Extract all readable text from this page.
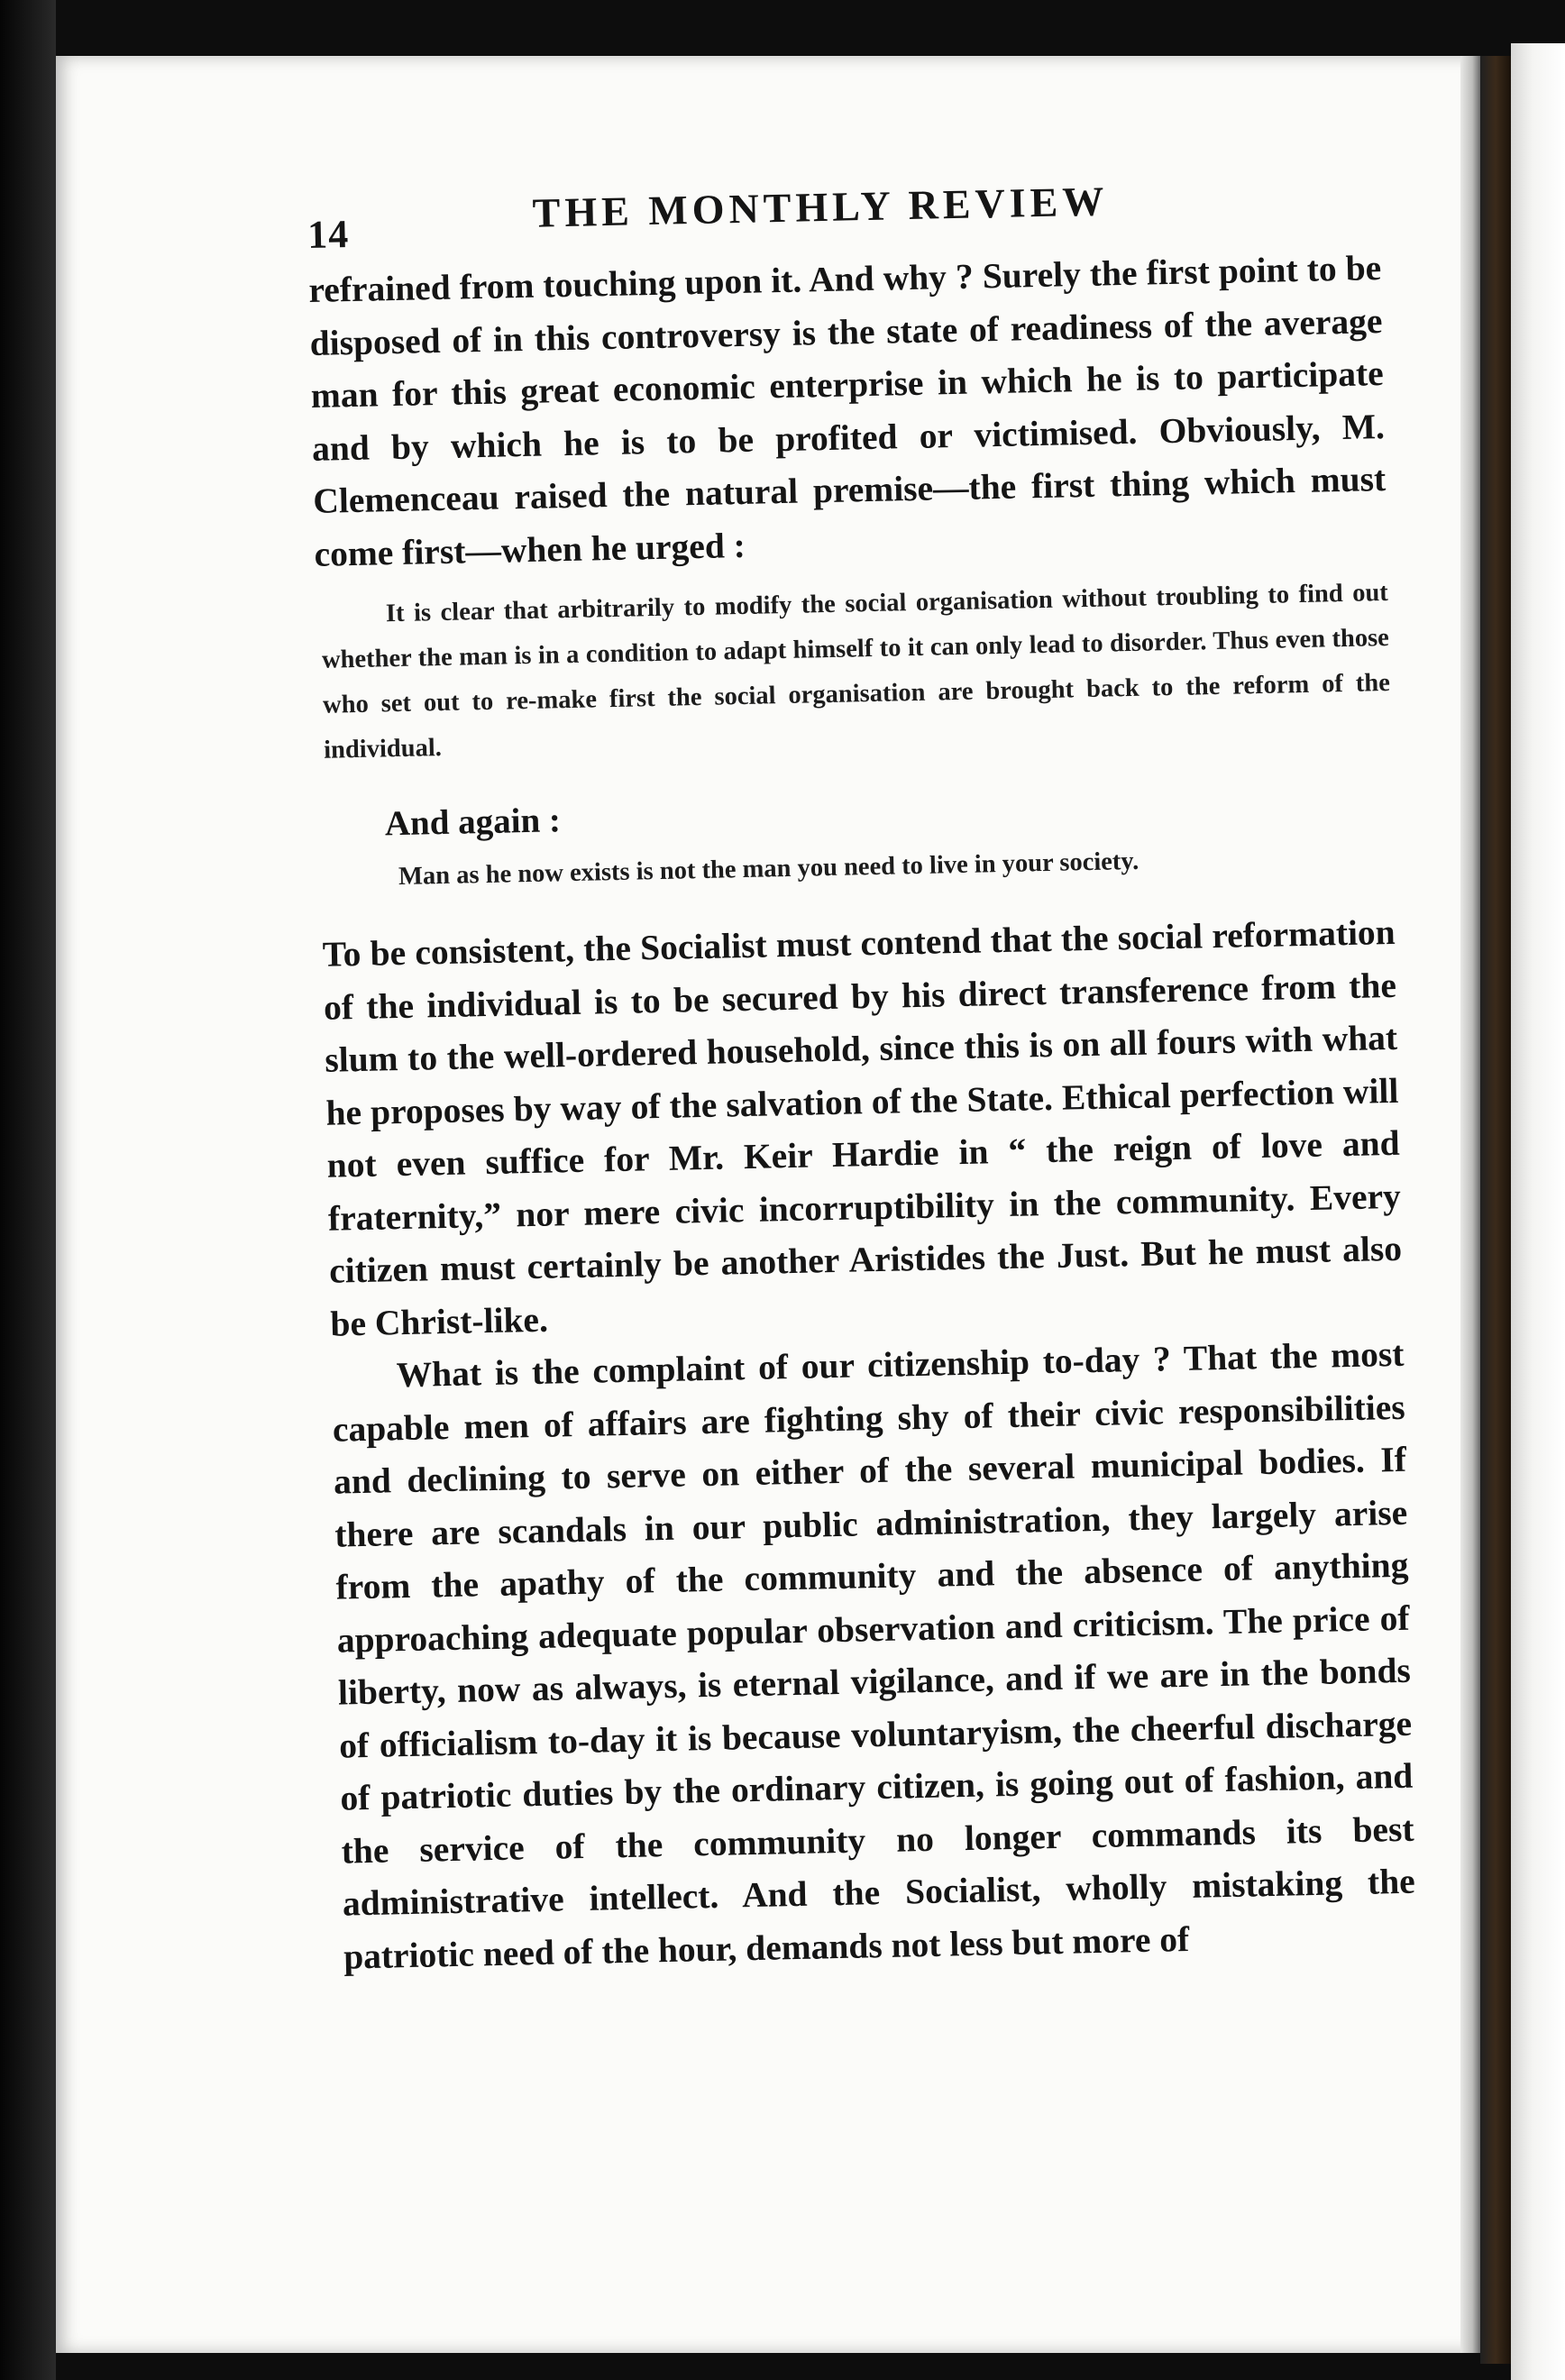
14	THE MONTHLY REVIEW

refrained from touching upon it. And why ? Surely the first point to be disposed of in this controversy is the state of readiness of the average man for this great economic enterprise in which he is to participate and by which he is to be profited or victimised. Obviously, M. Clemenceau raised the natural premise—the first thing which must come first—when he urged :

It is clear that arbitrarily to modify the social organisation without troubling to find out whether the man is in a condition to adapt himself to it can only lead to disorder. Thus even those who set out to re-make first the social organisation are brought back to the reform of the individual.

And again :

Man as he now exists is not the man you need to live in your society.

To be consistent, the Socialist must contend that the social reformation of the individual is to be secured by his direct transference from the slum to the well-ordered household, since this is on all fours with what he proposes by way of the salvation of the State. Ethical perfection will not even suffice for Mr. Keir Hardie in “ the reign of love and fraternity,” nor mere civic incorruptibility in the community. Every citizen must certainly be another Aristides the Just. But he must also be Christ-like.

What is the complaint of our citizenship to-day ? That the most capable men of affairs are fighting shy of their civic responsibilities and declining to serve on either of the several municipal bodies. If there are scandals in our public administration, they largely arise from the apathy of the community and the absence of anything approaching adequate popular observation and criticism. The price of liberty, now as always, is eternal vigilance, and if we are in the bonds of officialism to-day it is because voluntaryism, the cheerful discharge of patriotic duties by the ordinary citizen, is going out of fashion, and the service of the community no longer commands its best administrative intellect. And the Socialist, wholly mistaking the patriotic need of the hour, demands not less but more of
